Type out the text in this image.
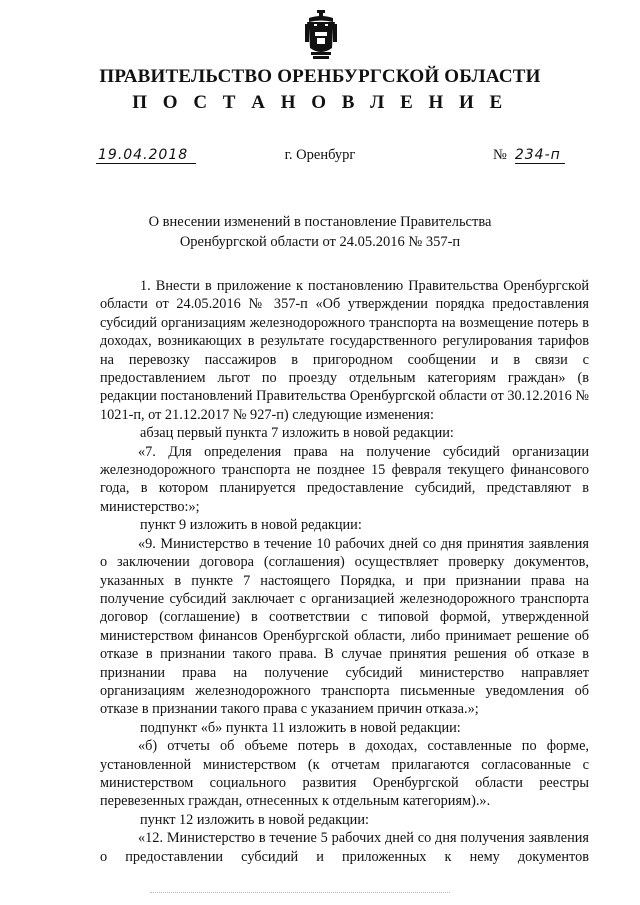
ПРАВИТЕЛЬСТВО ОРЕНБУРГСКОЙ ОБЛАСТИ
П О С Т А Н О В Л Е Н И Е
19.04.2018	г. Оренбург	№ 234-п
О внесении изменений в постановление Правительства
Оренбургской области от 24.05.2016 № 357-п

1. Внести в приложение к постановлению Правительства Оренбургской области от 24.05.2016 № 357-п «Об утверждении порядка предоставления субсидий организациям железнодорожного транспорта на возмещение потерь в доходах, возникающих в результате государственного регулирования тарифов на перевозку пассажиров в пригородном сообщении и в связи с предоставлением льгот по проезду отдельным категориям граждан» (в редакции постановлений Правительства Оренбургской области от 30.12.2016 № 1021-п, от 21.12.2017 № 927-п) следующие изменения:

абзац первый пункта 7 изложить в новой редакции:

«7. Для определения права на получение субсидий организации железнодорожного транспорта не позднее 15 февраля текущего финансового года, в котором планируется предоставление субсидий, представляют в министерство:»;

пункт 9 изложить в новой редакции:

«9. Министерство в течение 10 рабочих дней со дня принятия заявления о заключении договора (соглашения) осуществляет проверку документов, указанных в пункте 7 настоящего Порядка, и при признании права на получение субсидий заключает с организацией железнодорожного транспорта договор (соглашение) в соответствии с типовой формой, утвержденной министерством финансов Оренбургской области, либо принимает решение об отказе в признании такого права. В случае принятия решения об отказе в признании права на получение субсидий министерство направляет организациям железнодорожного транспорта письменные уведомления об отказе в признании такого права с указанием причин отказа.»;

подпункт «б» пункта 11 изложить в новой редакции:

«б) отчеты об объеме потерь в доходах, составленные по форме, установленной министерством (к отчетам прилагаются согласованные с министерством социального развития Оренбургской области реестры перевезенных граждан, отнесенных к отдельным категориям).».

пункт 12 изложить в новой редакции:

«12. Министерство в течение 5 рабочих дней со дня получения заявления о предоставлении субсидий и приложенных к нему документов
